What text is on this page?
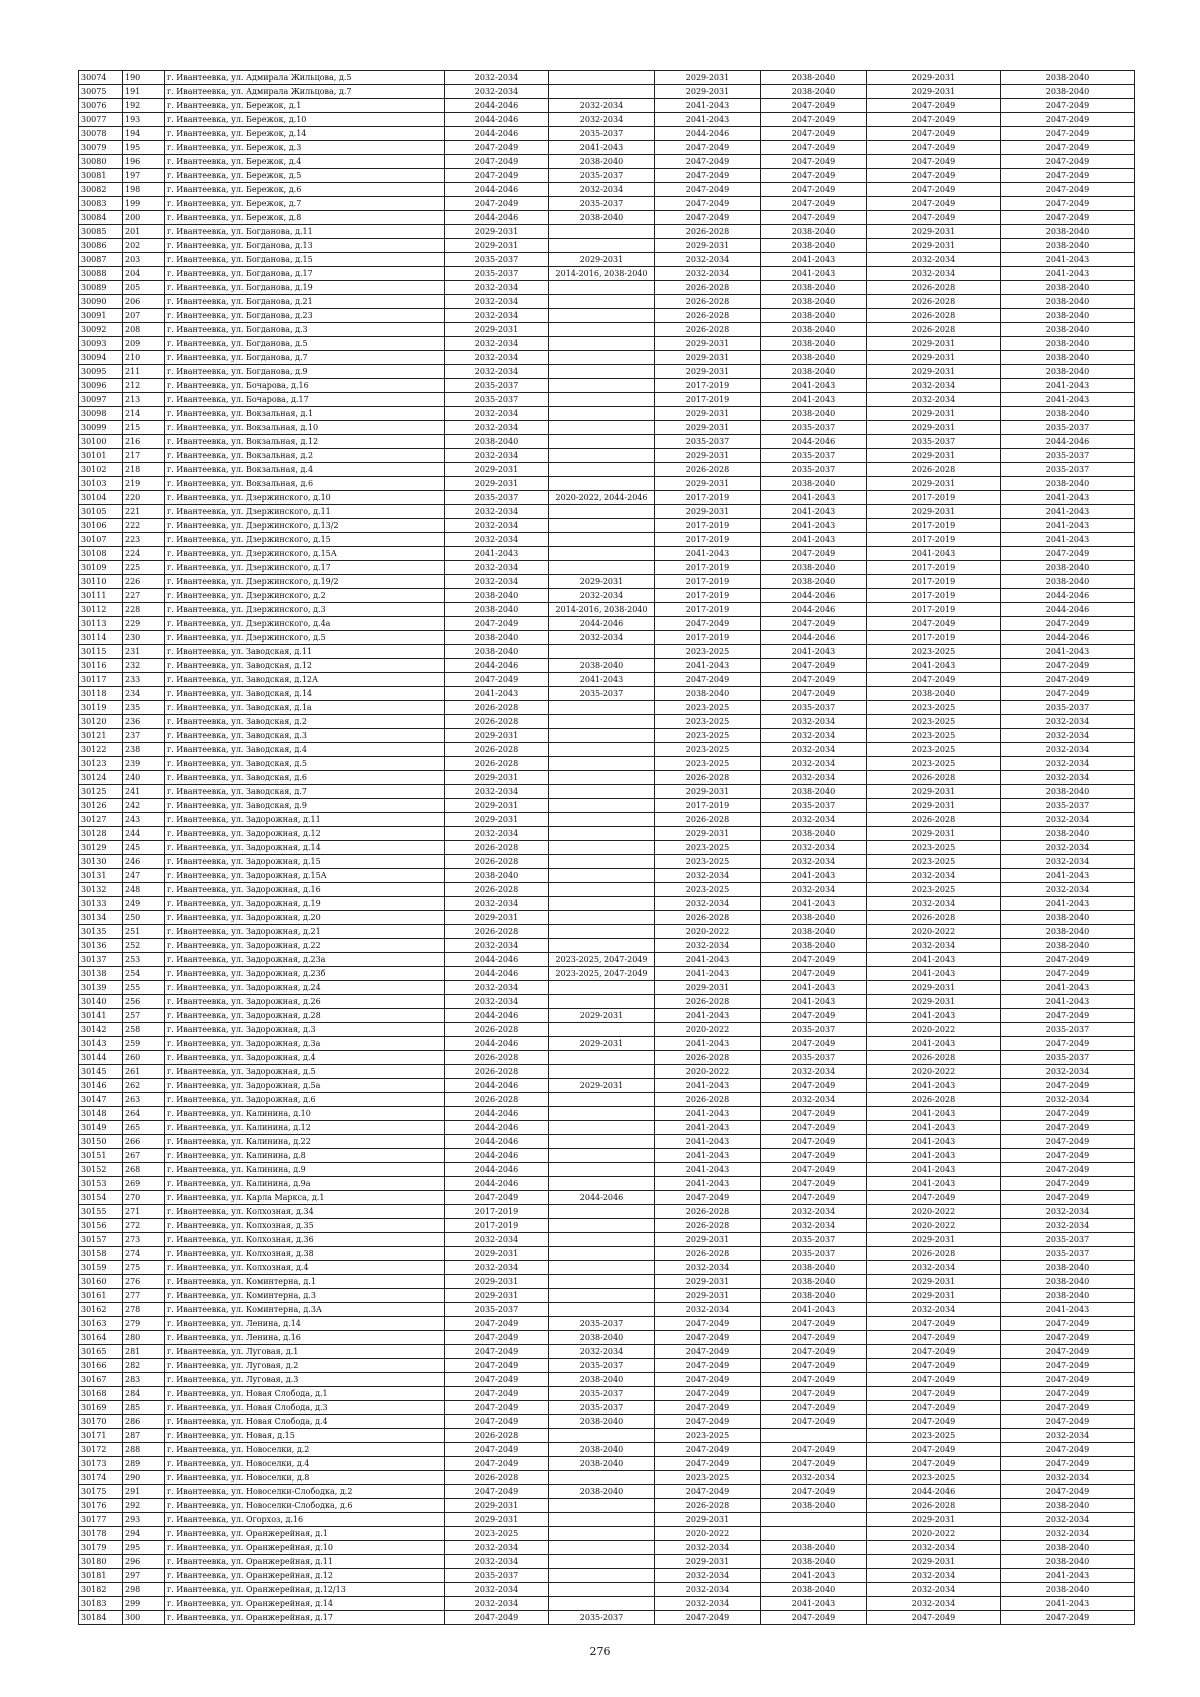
30074	190	г. Ивантеевка, ул. Адмирала Жильцова, д.5	2032-2034		2029-2031	2038-2040	2029-2031	2038-2040
30075	191	г. Ивантеевка, ул. Адмирала Жильцова, д.7	2032-2034		2029-2031	2038-2040	2029-2031	2038-2040
30076	192	г. Ивантеевка, ул. Бережок, д.1	2044-2046	2032-2034	2041-2043	2047-2049	2047-2049	2047-2049
30077	193	г. Ивантеевка, ул. Бережок, д.10	2044-2046	2032-2034	2041-2043	2047-2049	2047-2049	2047-2049
30078	194	г. Ивантеевка, ул. Бережок, д.14	2044-2046	2035-2037	2044-2046	2047-2049	2047-2049	2047-2049
30079	195	г. Ивантеевка, ул. Бережок, д.3	2047-2049	2041-2043	2047-2049	2047-2049	2047-2049	2047-2049
30080	196	г. Ивантеевка, ул. Бережок, д.4	2047-2049	2038-2040	2047-2049	2047-2049	2047-2049	2047-2049
30081	197	г. Ивантеевка, ул. Бережок, д.5	2047-2049	2035-2037	2047-2049	2047-2049	2047-2049	2047-2049
30082	198	г. Ивантеевка, ул. Бережок, д.6	2044-2046	2032-2034	2047-2049	2047-2049	2047-2049	2047-2049
30083	199	г. Ивантеевка, ул. Бережок, д.7	2047-2049	2035-2037	2047-2049	2047-2049	2047-2049	2047-2049
30084	200	г. Ивантеевка, ул. Бережок, д.8	2044-2046	2038-2040	2047-2049	2047-2049	2047-2049	2047-2049
30085	201	г. Ивантеевка, ул. Богданова, д.11	2029-2031		2026-2028	2038-2040	2029-2031	2038-2040
30086	202	г. Ивантеевка, ул. Богданова, д.13	2029-2031		2029-2031	2038-2040	2029-2031	2038-2040
30087	203	г. Ивантеевка, ул. Богданова, д.15	2035-2037	2029-2031	2032-2034	2041-2043	2032-2034	2041-2043
30088	204	г. Ивантеевка, ул. Богданова, д.17	2035-2037	2014-2016, 2038-2040	2032-2034	2041-2043	2032-2034	2041-2043
30089	205	г. Ивантеевка, ул. Богданова, д.19	2032-2034		2026-2028	2038-2040	2026-2028	2038-2040
30090	206	г. Ивантеевка, ул. Богданова, д.21	2032-2034		2026-2028	2038-2040	2026-2028	2038-2040
30091	207	г. Ивантеевка, ул. Богданова, д.23	2032-2034		2026-2028	2038-2040	2026-2028	2038-2040
30092	208	г. Ивантеевка, ул. Богданова, д.3	2029-2031		2026-2028	2038-2040	2026-2028	2038-2040
30093	209	г. Ивантеевка, ул. Богданова, д.5	2032-2034		2029-2031	2038-2040	2029-2031	2038-2040
30094	210	г. Ивантеевка, ул. Богданова, д.7	2032-2034		2029-2031	2038-2040	2029-2031	2038-2040
30095	211	г. Ивантеевка, ул. Богданова, д.9	2032-2034		2029-2031	2038-2040	2029-2031	2038-2040
30096	212	г. Ивантеевка, ул. Бочарова, д.16	2035-2037		2017-2019	2041-2043	2032-2034	2041-2043
30097	213	г. Ивантеевка, ул. Бочарова, д.17	2035-2037		2017-2019	2041-2043	2032-2034	2041-2043
30098	214	г. Ивантеевка, ул. Вокзальная, д.1	2032-2034		2029-2031	2038-2040	2029-2031	2038-2040
30099	215	г. Ивантеевка, ул. Вокзальная, д.10	2032-2034		2029-2031	2035-2037	2029-2031	2035-2037
30100	216	г. Ивантеевка, ул. Вокзальная, д.12	2038-2040		2035-2037	2044-2046	2035-2037	2044-2046
30101	217	г. Ивантеевка, ул. Вокзальная, д.2	2032-2034		2029-2031	2035-2037	2029-2031	2035-2037
30102	218	г. Ивантеевка, ул. Вокзальная, д.4	2029-2031		2026-2028	2035-2037	2026-2028	2035-2037
30103	219	г. Ивантеевка, ул. Вокзальная, д.6	2029-2031		2029-2031	2038-2040	2029-2031	2038-2040
30104	220	г. Ивантеевка, ул. Дзержинского, д.10	2035-2037	2020-2022, 2044-2046	2017-2019	2041-2043	2017-2019	2041-2043
30105	221	г. Ивантеевка, ул. Дзержинского, д.11	2032-2034		2029-2031	2041-2043	2029-2031	2041-2043
30106	222	г. Ивантеевка, ул. Дзержинского, д.13/2	2032-2034		2017-2019	2041-2043	2017-2019	2041-2043
30107	223	г. Ивантеевка, ул. Дзержинского, д.15	2032-2034		2017-2019	2041-2043	2017-2019	2041-2043
30108	224	г. Ивантеевка, ул. Дзержинского, д.15А	2041-2043		2041-2043	2047-2049	2041-2043	2047-2049
30109	225	г. Ивантеевка, ул. Дзержинского, д.17	2032-2034		2017-2019	2038-2040	2017-2019	2038-2040
30110	226	г. Ивантеевка, ул. Дзержинского, д.19/2	2032-2034	2029-2031	2017-2019	2038-2040	2017-2019	2038-2040
30111	227	г. Ивантеевка, ул. Дзержинского, д.2	2038-2040	2032-2034	2017-2019	2044-2046	2017-2019	2044-2046
30112	228	г. Ивантеевка, ул. Дзержинского, д.3	2038-2040	2014-2016, 2038-2040	2017-2019	2044-2046	2017-2019	2044-2046
30113	229	г. Ивантеевка, ул. Дзержинского, д.4а	2047-2049	2044-2046	2047-2049	2047-2049	2047-2049	2047-2049
30114	230	г. Ивантеевка, ул. Дзержинского, д.5	2038-2040	2032-2034	2017-2019	2044-2046	2017-2019	2044-2046
30115	231	г. Ивантеевка, ул. Заводская, д.11	2038-2040		2023-2025	2041-2043	2023-2025	2041-2043
30116	232	г. Ивантеевка, ул. Заводская, д.12	2044-2046	2038-2040	2041-2043	2047-2049	2041-2043	2047-2049
30117	233	г. Ивантеевка, ул. Заводская, д.12А	2047-2049	2041-2043	2047-2049	2047-2049	2047-2049	2047-2049
30118	234	г. Ивантеевка, ул. Заводская, д.14	2041-2043	2035-2037	2038-2040	2047-2049	2038-2040	2047-2049
30119	235	г. Ивантеевка, ул. Заводская, д.1а	2026-2028		2023-2025	2035-2037	2023-2025	2035-2037
30120	236	г. Ивантеевка, ул. Заводская, д.2	2026-2028		2023-2025	2032-2034	2023-2025	2032-2034
30121	237	г. Ивантеевка, ул. Заводская, д.3	2029-2031		2023-2025	2032-2034	2023-2025	2032-2034
30122	238	г. Ивантеевка, ул. Заводская, д.4	2026-2028		2023-2025	2032-2034	2023-2025	2032-2034
30123	239	г. Ивантеевка, ул. Заводская, д.5	2026-2028		2023-2025	2032-2034	2023-2025	2032-2034
30124	240	г. Ивантеевка, ул. Заводская, д.6	2029-2031		2026-2028	2032-2034	2026-2028	2032-2034
30125	241	г. Ивантеевка, ул. Заводская, д.7	2032-2034		2029-2031	2038-2040	2029-2031	2038-2040
30126	242	г. Ивантеевка, ул. Заводская, д.9	2029-2031		2017-2019	2035-2037	2029-2031	2035-2037
30127	243	г. Ивантеевка, ул. Задорожная, д.11	2029-2031		2026-2028	2032-2034	2026-2028	2032-2034
30128	244	г. Ивантеевка, ул. Задорожная, д.12	2032-2034		2029-2031	2038-2040	2029-2031	2038-2040
30129	245	г. Ивантеевка, ул. Задорожная, д.14	2026-2028		2023-2025	2032-2034	2023-2025	2032-2034
30130	246	г. Ивантеевка, ул. Задорожная, д.15	2026-2028		2023-2025	2032-2034	2023-2025	2032-2034
30131	247	г. Ивантеевка, ул. Задорожная, д.15А	2038-2040		2032-2034	2041-2043	2032-2034	2041-2043
30132	248	г. Ивантеевка, ул. Задорожная, д.16	2026-2028		2023-2025	2032-2034	2023-2025	2032-2034
30133	249	г. Ивантеевка, ул. Задорожная, д.19	2032-2034		2032-2034	2041-2043	2032-2034	2041-2043
30134	250	г. Ивантеевка, ул. Задорожная, д.20	2029-2031		2026-2028	2038-2040	2026-2028	2038-2040
30135	251	г. Ивантеевка, ул. Задорожная, д.21	2026-2028		2020-2022	2038-2040	2020-2022	2038-2040
30136	252	г. Ивантеевка, ул. Задорожная, д.22	2032-2034		2032-2034	2038-2040	2032-2034	2038-2040
30137	253	г. Ивантеевка, ул. Задорожная, д.23а	2044-2046	2023-2025, 2047-2049	2041-2043	2047-2049	2041-2043	2047-2049
30138	254	г. Ивантеевка, ул. Задорожная, д.23б	2044-2046	2023-2025, 2047-2049	2041-2043	2047-2049	2041-2043	2047-2049
30139	255	г. Ивантеевка, ул. Задорожная, д.24	2032-2034		2029-2031	2041-2043	2029-2031	2041-2043
30140	256	г. Ивантеевка, ул. Задорожная, д.26	2032-2034		2026-2028	2041-2043	2029-2031	2041-2043
30141	257	г. Ивантеевка, ул. Задорожная, д.28	2044-2046	2029-2031	2041-2043	2047-2049	2041-2043	2047-2049
30142	258	г. Ивантеевка, ул. Задорожная, д.3	2026-2028		2020-2022	2035-2037	2020-2022	2035-2037
30143	259	г. Ивантеевка, ул. Задорожная, д.3а	2044-2046	2029-2031	2041-2043	2047-2049	2041-2043	2047-2049
30144	260	г. Ивантеевка, ул. Задорожная, д.4	2026-2028		2026-2028	2035-2037	2026-2028	2035-2037
30145	261	г. Ивантеевка, ул. Задорожная, д.5	2026-2028		2020-2022	2032-2034	2020-2022	2032-2034
30146	262	г. Ивантеевка, ул. Задорожная, д.5а	2044-2046	2029-2031	2041-2043	2047-2049	2041-2043	2047-2049
30147	263	г. Ивантеевка, ул. Задорожная, д.6	2026-2028		2026-2028	2032-2034	2026-2028	2032-2034
30148	264	г. Ивантеевка, ул. Калинина, д.10	2044-2046		2041-2043	2047-2049	2041-2043	2047-2049
30149	265	г. Ивантеевка, ул. Калинина, д.12	2044-2046		2041-2043	2047-2049	2041-2043	2047-2049
30150	266	г. Ивантеевка, ул. Калинина, д.22	2044-2046		2041-2043	2047-2049	2041-2043	2047-2049
30151	267	г. Ивантеевка, ул. Калинина, д.8	2044-2046		2041-2043	2047-2049	2041-2043	2047-2049
30152	268	г. Ивантеевка, ул. Калинина, д.9	2044-2046		2041-2043	2047-2049	2041-2043	2047-2049
30153	269	г. Ивантеевка, ул. Калинина, д.9а	2044-2046		2041-2043	2047-2049	2041-2043	2047-2049
30154	270	г. Ивантеевка, ул. Карла Маркса, д.1	2047-2049	2044-2046	2047-2049	2047-2049	2047-2049	2047-2049
30155	271	г. Ивантеевка, ул. Колхозная, д.34	2017-2019		2026-2028	2032-2034	2020-2022	2032-2034
30156	272	г. Ивантеевка, ул. Колхозная, д.35	2017-2019		2026-2028	2032-2034	2020-2022	2032-2034
30157	273	г. Ивантеевка, ул. Колхозная, д.36	2032-2034		2029-2031	2035-2037	2029-2031	2035-2037
30158	274	г. Ивантеевка, ул. Колхозная, д.38	2029-2031		2026-2028	2035-2037	2026-2028	2035-2037
30159	275	г. Ивантеевка, ул. Колхозная, д.4	2032-2034		2032-2034	2038-2040	2032-2034	2038-2040
30160	276	г. Ивантеевка, ул. Коминтерна, д.1	2029-2031		2029-2031	2038-2040	2029-2031	2038-2040
30161	277	г. Ивантеевка, ул. Коминтерна, д.3	2029-2031		2029-2031	2038-2040	2029-2031	2038-2040
30162	278	г. Ивантеевка, ул. Коминтерна, д.3А	2035-2037		2032-2034	2041-2043	2032-2034	2041-2043
30163	279	г. Ивантеевка, ул. Ленина, д.14	2047-2049	2035-2037	2047-2049	2047-2049	2047-2049	2047-2049
30164	280	г. Ивантеевка, ул. Ленина, д.16	2047-2049	2038-2040	2047-2049	2047-2049	2047-2049	2047-2049
30165	281	г. Ивантеевка, ул. Луговая, д.1	2047-2049	2032-2034	2047-2049	2047-2049	2047-2049	2047-2049
30166	282	г. Ивантеевка, ул. Луговая, д.2	2047-2049	2035-2037	2047-2049	2047-2049	2047-2049	2047-2049
30167	283	г. Ивантеевка, ул. Луговая, д.3	2047-2049	2038-2040	2047-2049	2047-2049	2047-2049	2047-2049
30168	284	г. Ивантеевка, ул. Новая Слобода, д.1	2047-2049	2035-2037	2047-2049	2047-2049	2047-2049	2047-2049
30169	285	г. Ивантеевка, ул. Новая Слобода, д.3	2047-2049	2035-2037	2047-2049	2047-2049	2047-2049	2047-2049
30170	286	г. Ивантеевка, ул. Новая Слобода, д.4	2047-2049	2038-2040	2047-2049	2047-2049	2047-2049	2047-2049
30171	287	г. Ивантеевка, ул. Новая, д.15	2026-2028		2023-2025		2023-2025	2032-2034
30172	288	г. Ивантеевка, ул. Новоселки, д.2	2047-2049	2038-2040	2047-2049	2047-2049	2047-2049	2047-2049
30173	289	г. Ивантеевка, ул. Новоселки, д.4	2047-2049	2038-2040	2047-2049	2047-2049	2047-2049	2047-2049
30174	290	г. Ивантеевка, ул. Новоселки, д.8	2026-2028		2023-2025	2032-2034	2023-2025	2032-2034
30175	291	г. Ивантеевка, ул. Новоселки-Слободка, д.2	2047-2049	2038-2040	2047-2049	2047-2049	2044-2046	2047-2049
30176	292	г. Ивантеевка, ул. Новоселки-Слободка, д.6	2029-2031		2026-2028	2038-2040	2026-2028	2038-2040
30177	293	г. Ивантеевка, ул. Огорхоз, д.16	2029-2031		2029-2031		2029-2031	2032-2034
30178	294	г. Ивантеевка, ул. Оранжерейная, д.1	2023-2025		2020-2022		2020-2022	2032-2034
30179	295	г. Ивантеевка, ул. Оранжерейная, д.10	2032-2034		2032-2034	2038-2040	2032-2034	2038-2040
30180	296	г. Ивантеевка, ул. Оранжерейная, д.11	2032-2034		2029-2031	2038-2040	2029-2031	2038-2040
30181	297	г. Ивантеевка, ул. Оранжерейная, д.12	2035-2037		2032-2034	2041-2043	2032-2034	2041-2043
30182	298	г. Ивантеевка, ул. Оранжерейная, д.12/13	2032-2034		2032-2034	2038-2040	2032-2034	2038-2040
30183	299	г. Ивантеевка, ул. Оранжерейная, д.14	2032-2034		2032-2034	2041-2043	2032-2034	2041-2043
30184	300	г. Ивантеевка, ул. Оранжерейная, д.17	2047-2049	2035-2037	2047-2049	2047-2049	2047-2049	2047-2049
276
